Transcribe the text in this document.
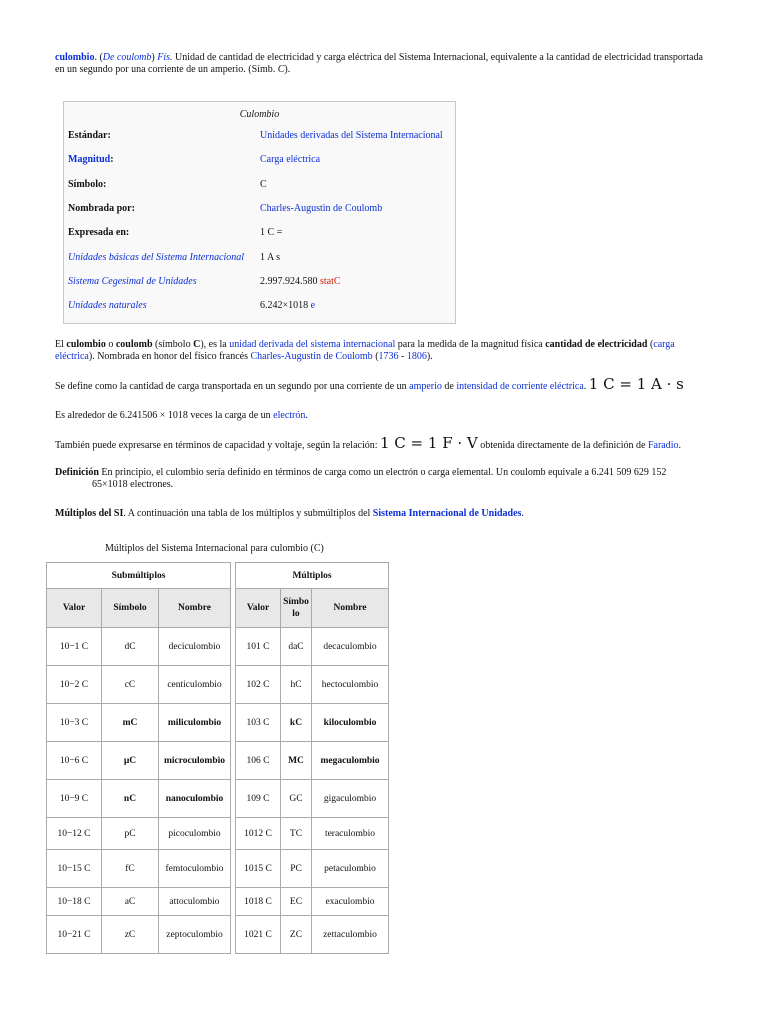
culombio. (De coulomb) Fís. Unidad de cantidad de electricidad y carga eléctrica del Sistema Internacional, equivalente a la cantidad de electricidad transportada en un segundo por una corriente de un amperio. (Símb. C).
Culombio
Estándar:	Unidades derivadas del Sistema Internacional
Magnitud:	Carga eléctrica
Símbolo:	C
Nombrada por:	Charles-Augustin de Coulomb
Expresada en:	1 C =
Unidades básicas del Sistema Internacional 1 A s
Sistema Cegesimal de Unidades	2.997.924.580 statC
Unidades naturales	6.242×1018 e
El culombio o coulomb (símbolo C), es la unidad derivada del sistema internacional para la medida de la magnitud física cantidad de electricidad (carga eléctrica). Nombrada en honor del físico francés Charles-Augustin de Coulomb (1736 - 1806).
Se define como la cantidad de carga transportada en un segundo por una corriente de un amperio de intensidad de corriente eléctrica. 1 C = 1 A · s
Es alrededor de 6.241506 × 1018 veces la carga de un electrón.
También puede expresarse en términos de capacidad y voltaje, según la relación: 1 C = 1 F · V obtenida directamente de la definición de Faradio.
Definición En principio, el culombio sería definido en términos de carga como un electrón o carga elemental. Un coulomb equivale a 6.241 509 629 152
65×1018 electrones.
Múltiplos del SI. A continuación una tabla de los múltiplos y submúltiplos del Sistema Internacional de Unidades.
Múltiplos del Sistema Internacional para culombio (C)
Submúltiplos		
Valor	Símbolo	Nombre
10−1 C	dC	deciculombio
10−2 C	cC	centiculombio
10−3 C	mC	miliculombio
10−6 C	µC	microculombio
10−9 C	nC	nanoculombio
10−12 C	pC	picoculombio
10−15 C	fC	femtoculombio
10−18 C	aC	attoculombio
10−21 C	zC	zeptoculombio
Múltiplos		
Valor	Símbolo	Nombre
101 C	daC	decaculombio
102 C	hC	hectoculombio
103 C	kC	kiloculombio
106 C	MC	megaculombio
109 C	GC	gigaculombio
1012 C	TC	teraculombio
1015 C	PC	petaculombio
1018 C	EC	exaculombio
1021 C	ZC	zettaculombio
